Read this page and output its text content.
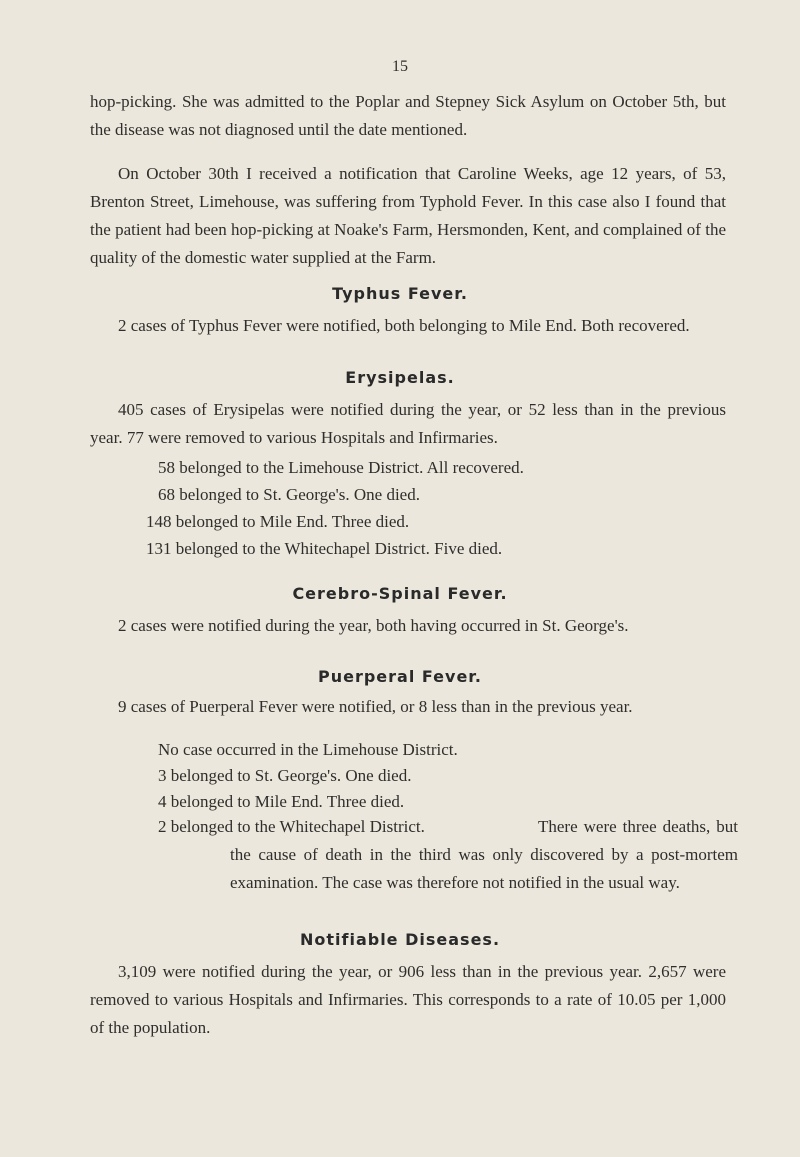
15

hop-picking. She was admitted to the Poplar and Stepney Sick Asylum on October 5th, but the disease was not diagnosed until the date mentioned.

On October 30th I received a notification that Caroline Weeks, age 12 years, of 53, Brenton Street, Limehouse, was suffering from Typhold Fever. In this case also I found that the patient had been hop-picking at Noake's Farm, Hersmonden, Kent, and complained of the quality of the domestic water supplied at the Farm.

Typhus Fever.

2 cases of Typhus Fever were notified, both belonging to Mile End. Both recovered.

Erysipelas.

405 cases of Erysipelas were notified during the year, or 52 less than in the previous year. 77 were removed to various Hospitals and Infirmaries.

58 belonged to the Limehouse District. All recovered.

68 belonged to St. George's. One died.

148 belonged to Mile End. Three died.

131 belonged to the Whitechapel District. Five died.

Cerebro-Spinal Fever.

2 cases were notified during the year, both having occurred in St. George's.

Puerperal Fever.

9 cases of Puerperal Fever were notified, or 8 less than in the previous year.

No case occurred in the Limehouse District.

3 belonged to St. George's. One died.

4 belonged to Mile End. Three died.

2 belonged to the Whitechapel District.	There were three deaths, but the cause of death in the third was only discovered by a post-mortem examination. The case was therefore not notified in the usual way.
Notifiable Diseases.

3,109 were notified during the year, or 906 less than in the previous year. 2,657 were removed to various Hospitals and Infirmaries. This corresponds to a rate of 10.05 per 1,000 of the population.
